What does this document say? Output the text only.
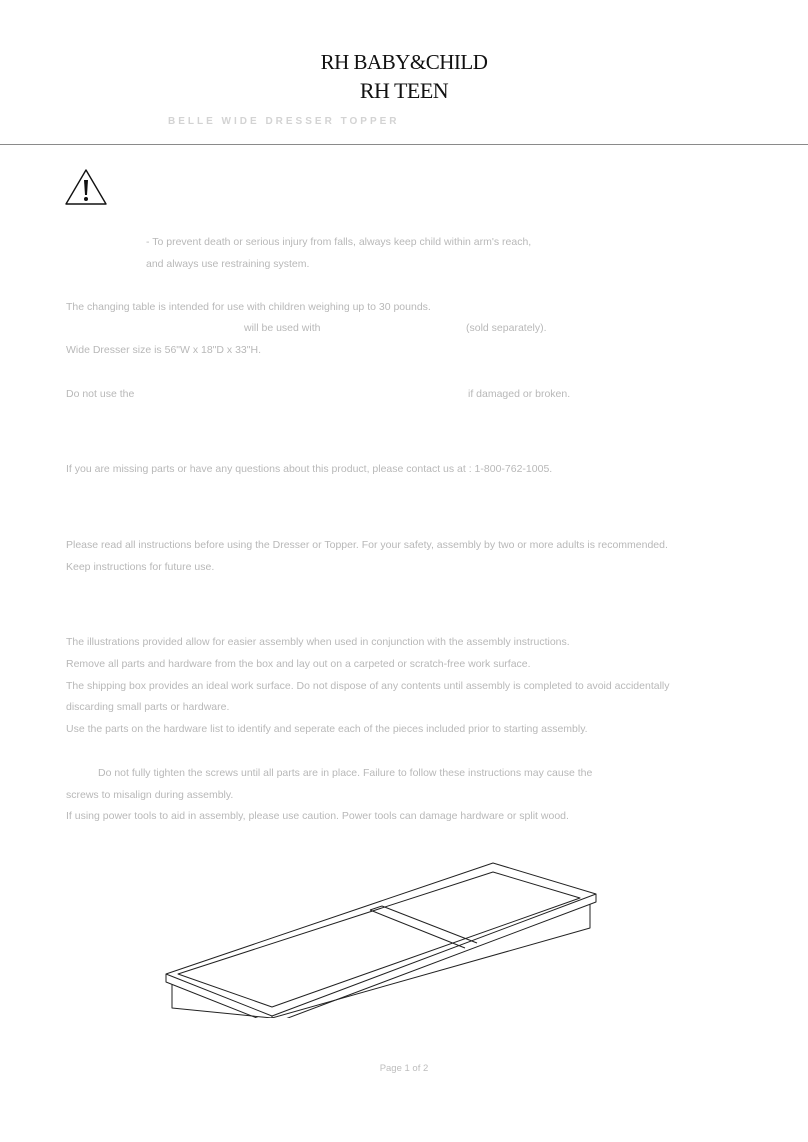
RH BABY&CHILD
RH TEEN
BELLE WIDE DRESSER TOPPER

- To prevent death or serious injury from falls, always keep child within arm's reach,

and always use restraining system.

The changing table is intended for use with children weighing up to 30 pounds.

will be used with	(sold separately).

Wide Dresser size is 56"W x 18"D x 33"H.

Do not use the	if damaged or broken.

If you are missing parts or have any questions about this product, please contact us at : 1-800-762-1005.

Please read all instructions before using the Dresser or Topper. For your safety, assembly by two or more adults is recommended.

Keep instructions for future use.

The illustrations provided allow for easier assembly when used in conjunction with the assembly instructions.

Remove all parts and hardware from the box and lay out on a carpeted or scratch-free work surface.

The shipping box provides an ideal work surface. Do not dispose of any contents until assembly is completed to avoid accidentally

discarding small parts or hardware.

Use the parts on the hardware list to identify and seperate each of the pieces included prior to starting assembly.

Do not fully tighten the screws until all parts are in place. Failure to follow these instructions may cause the

screws to misalign during assembly.

If using power tools to aid in assembly, please use caution. Power tools can damage hardware or split wood.

Page 1 of 2
